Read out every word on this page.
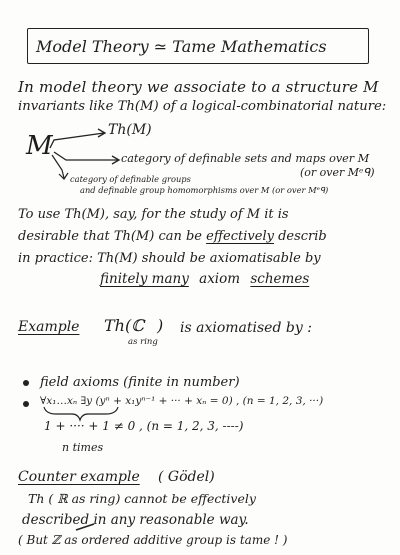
Model Theory ≃ Tame Mathematics
In model theory we associate to a structure M
invariants like Th(M) of a logical-combinatorial nature:
M
Th(M)
category of definable sets and maps over M
(or over Mᵉᑫ)
category of definable groups
and definable group homomorphisms over M (or over Mᵉᑫ)
To use Th(M), say, for the study of M it is
desirable that Th(M) can be effectively describ
in practice: Th(M) should be axiomatisable by
finitely many axiom schemes
Example Th(ℂ
as ring
) is axiomatised by :
field axioms (finite in number)
∀x₁…xₙ ∃y (yⁿ + x₁yⁿ⁻¹ + ··· + xₙ = 0) , (n = 1, 2, 3, ···)
1 + ···· + 1 ≠ 0 , (n = 1, 2, 3, ----)
n times
Counter example ( Gödel)
Th ( ℝ as ring) cannot be effectively
described in any reasonable way.
( But ℤ as ordered additive group is tame ! )
